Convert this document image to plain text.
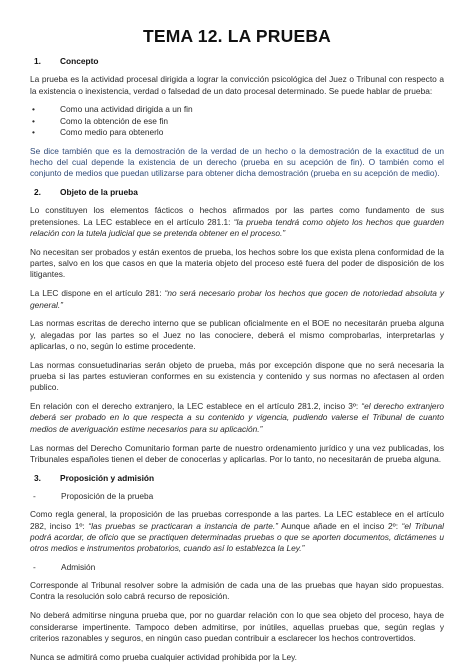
TEMA 12. LA PRUEBA
1.	Concepto

La prueba es la actividad procesal dirigida a lograr la convicción psicológica del Juez o Tribunal con respecto a la existencia o inexistencia, verdad o falsedad de un dato procesal determinado. Se puede hablar de prueba:

•	Como una actividad dirigida a un fin
•	Como la obtención de ese fin
•	Como medio para obtenerlo

Se dice también que es la demostración de la verdad de un hecho o la demostración de la exactitud de un hecho del cual depende la existencia de un derecho (prueba en su acepción de fin). O también como el conjunto de medios que puedan utilizarse para obtener dicha demostración (prueba en su acepción de medio).

2.	Objeto de la prueba

Lo constituyen los elementos fácticos o hechos afirmados por las partes como fundamento de sus pretensiones. La LEC establece en el artículo 281.1: “la prueba tendrá como objeto los hechos que guarden relación con la tutela judicial que se pretenda obtener en el proceso.”

No necesitan ser probados y están exentos de prueba, los hechos sobre los que exista plena conformidad de la partes, salvo en los que casos en que la materia objeto del proceso esté fuera del poder de disposición de los litigantes.

La LEC dispone en el artículo 281: “no será necesario probar los hechos que gocen de notoriedad absoluta y general.”

Las normas escritas de derecho interno que se publican oficialmente en el BOE no necesitarán prueba alguna y, alegadas por las partes so el Juez no las conociere, deberá el mismo comprobarlas, interpretarlas y aplicarlas, o no, según lo estime procedente.

Las normas consuetudinarias serán objeto de prueba, más por excepción dispone que no será necesaria la prueba si las partes estuvieran conformes en su existencia y contenido y sus normas no afectasen al orden publico.

En relación con el derecho extranjero, la LEC establece en el artículo 281.2, inciso 3º: “el derecho extranjero deberá ser probado en lo que respecta a su contenido y vigencia, pudiendo valerse el Tribunal de cuanto medios de averiguación estime necesarios para su aplicación.”

Las normas del Derecho Comunitario forman parte de nuestro ordenamiento jurídico y una vez publicadas, los Tribunales españoles tienen el deber de conocerlas y aplicarlas. Por lo tanto, no necesitarán de prueba alguna.

3.	Proposición y admisión
-	Proposición de la prueba

Como regla general, la proposición de las pruebas corresponde a las partes. La LEC establece en el artículo 282, inciso 1º: “las pruebas se practicaran a instancia de parte.” Aunque añade en el inciso 2º: “el Tribunal podrá acordar, de oficio que se practiquen determinadas pruebas o que se aporten documentos, dictámenes u otros medios e instrumentos probatorios, cuando así lo establezca la Ley.”

-	Admisión

Corresponde al Tribunal resolver sobre la admisión de cada una de las pruebas que hayan sido propuestas. Contra la resolución solo cabrá recurso de reposición.

No deberá admitirse ninguna prueba que, por no guardar relación con lo que sea objeto del proceso, haya de considerarse impertinente. Tampoco deben admitirse, por inútiles, aquellas pruebas que, según reglas y criterios razonables y seguros, en ningún caso puedan contribuir a esclarecer los hechos controvertidos.

Nunca se admitirá como prueba cualquier actividad prohibida por la Ley.
